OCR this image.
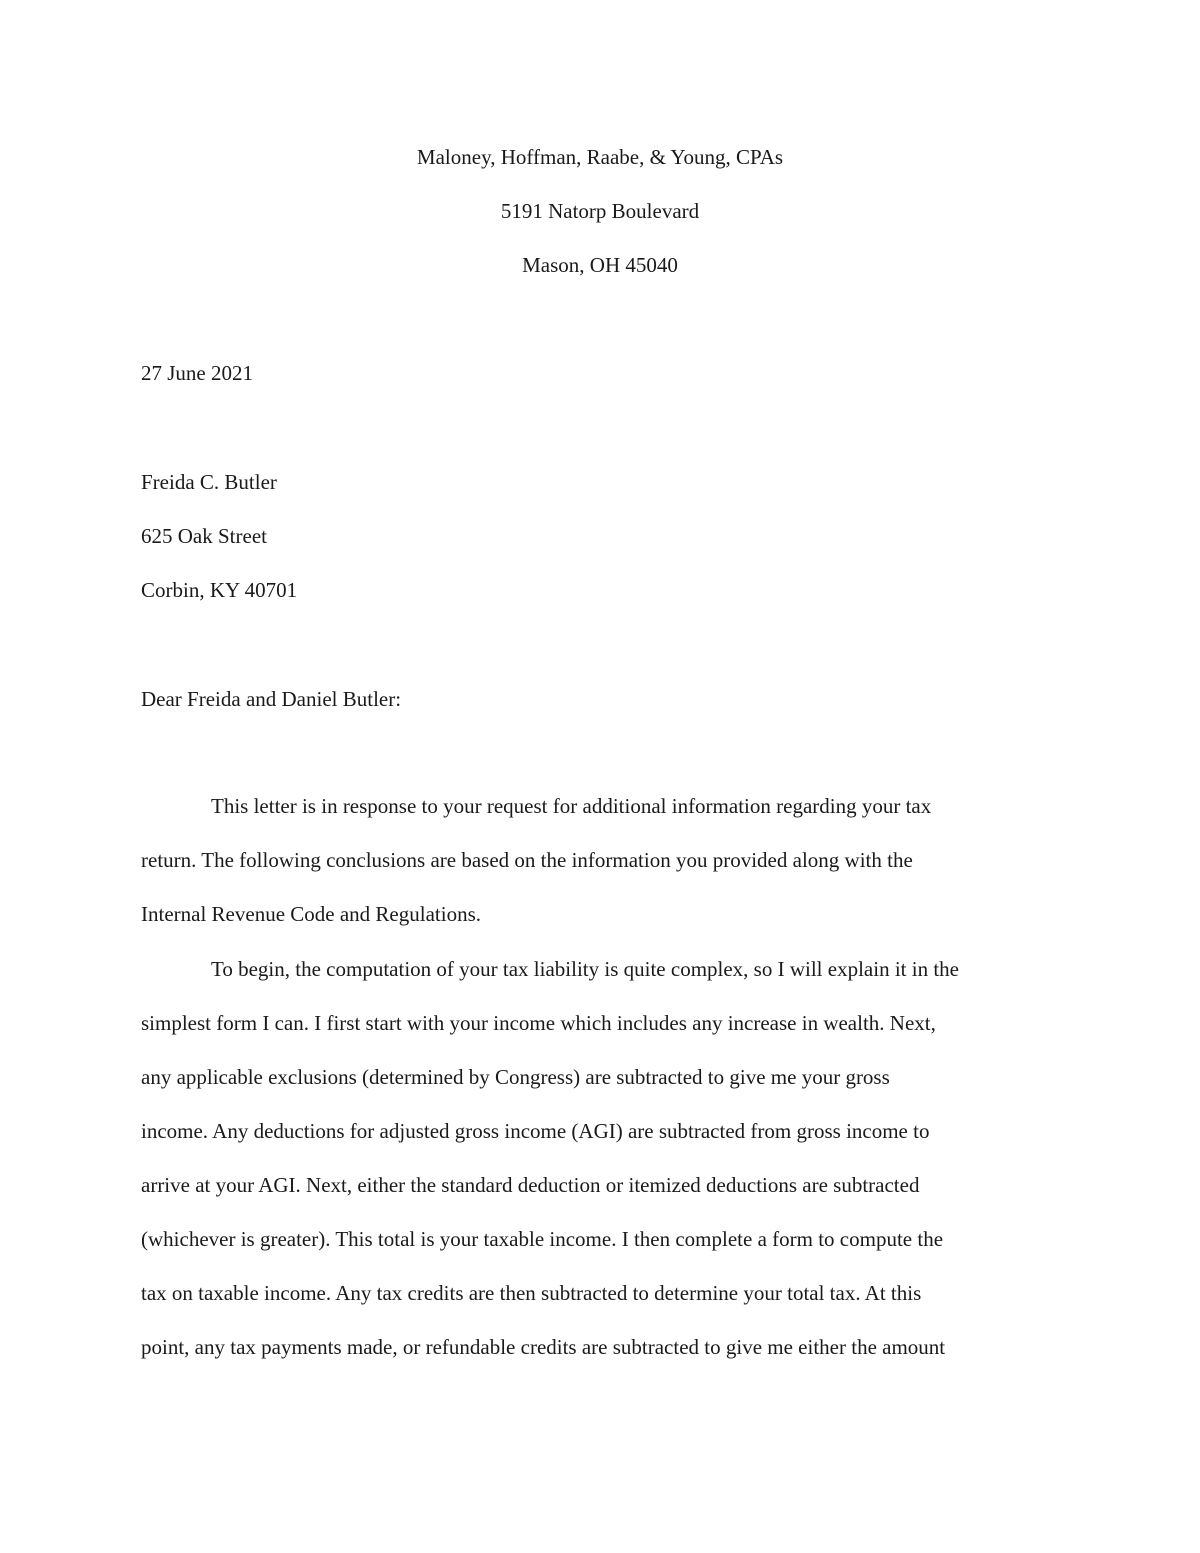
Maloney, Hoffman, Raabe, & Young, CPAs

5191 Natorp Boulevard

Mason, OH 45040

27 June 2021

Freida C. Butler

625 Oak Street

Corbin, KY 40701

Dear Freida and Daniel Butler:

This letter is in response to your request for additional information regarding your tax

return. The following conclusions are based on the information you provided along with the

Internal Revenue Code and Regulations.

To begin, the computation of your tax liability is quite complex, so I will explain it in the

simplest form I can. I first start with your income which includes any increase in wealth. Next,

any applicable exclusions (determined by Congress) are subtracted to give me your gross

income. Any deductions for adjusted gross income (AGI) are subtracted from gross income to

arrive at your AGI. Next, either the standard deduction or itemized deductions are subtracted

(whichever is greater). This total is your taxable income. I then complete a form to compute the

tax on taxable income. Any tax credits are then subtracted to determine your total tax. At this

point, any tax payments made, or refundable credits are subtracted to give me either the amount
